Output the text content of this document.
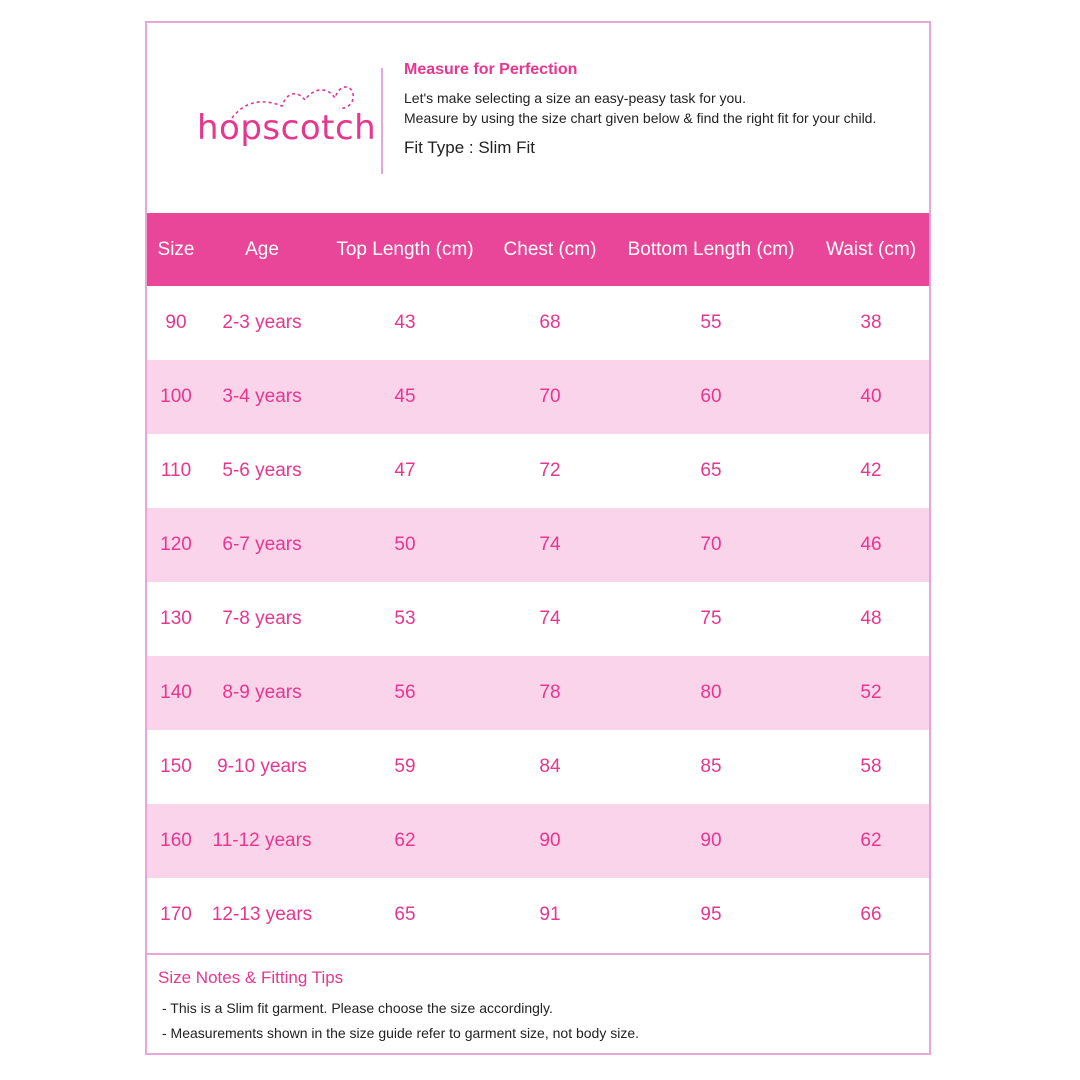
hopscotch
Measure for Perfection
Let's make selecting a size an easy-peasy task for you.
Measure by using the size chart given below & find the right fit for your child.
Fit Type : Slim Fit
Size	Age	Top Length (cm)	Chest (cm)	Bottom Length (cm)	Waist (cm)
90	2-3 years	43	68	55	38
100	3-4 years	45	70	60	40
110	5-6 years	47	72	65	42
120	6-7 years	50	74	70	46
130	7-8 years	53	74	75	48
140	8-9 years	56	78	80	52
150	9-10 years	59	84	85	58
160	11-12 years	62	90	90	62
170	12-13 years	65	91	95	66
Size Notes & Fitting Tips
- This is a Slim fit garment. Please choose the size accordingly.
- Measurements shown in the size guide refer to garment size, not body size.
